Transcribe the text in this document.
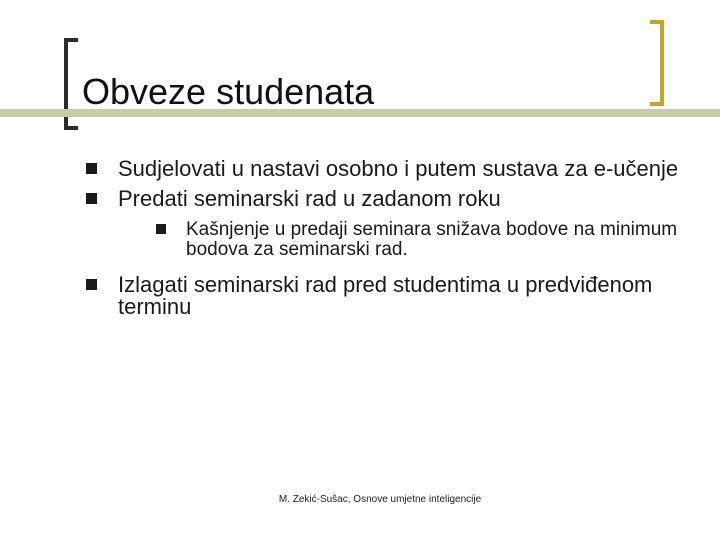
Obveze studenata
Sudjelovati u nastavi osobno i putem sustava za e-učenje
Predati seminarski rad u zadanom roku
Kašnjenje u predaji seminara snižava bodove na minimum bodova za seminarski rad.
Izlagati seminarski rad pred studentima u predviđenom terminu
M. Zekić-Sušac, Osnove umjetne inteligencije
